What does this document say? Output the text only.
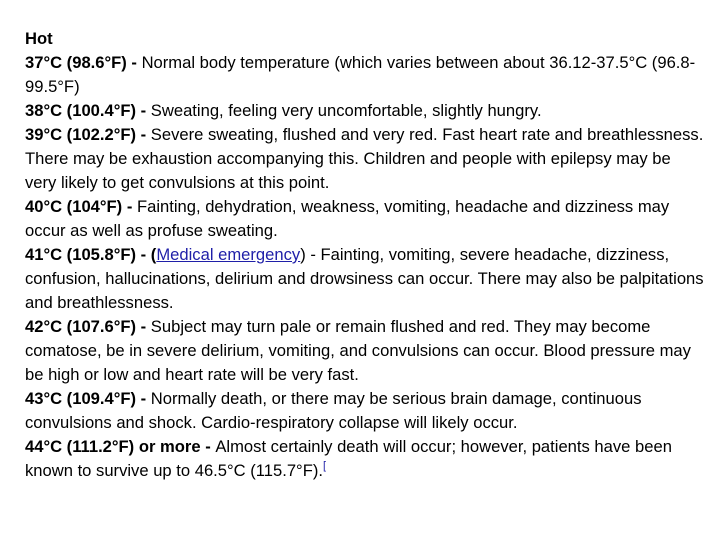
Hot

37°C (98.6°F) - Normal body temperature (which varies between about 36.12-37.5°C (96.8-99.5°F)

38°C (100.4°F) - Sweating, feeling very uncomfortable, slightly hungry.

39°C (102.2°F) - Severe sweating, flushed and very red. Fast heart rate and breathlessness. There may be exhaustion accompanying this. Children and people with epilepsy may be very likely to get convulsions at this point.

40°C (104°F) - Fainting, dehydration, weakness, vomiting, headache and dizziness may occur as well as profuse sweating.

41°C (105.8°F) - (Medical emergency) - Fainting, vomiting, severe headache, dizziness, confusion, hallucinations, delirium and drowsiness can occur. There may also be palpitations and breathlessness.

42°C (107.6°F) - Subject may turn pale or remain flushed and red. They may become comatose, be in severe delirium, vomiting, and convulsions can occur. Blood pressure may be high or low and heart rate will be very fast.

43°C (109.4°F) - Normally death, or there may be serious brain damage, continuous convulsions and shock. Cardio-respiratory collapse will likely occur.

44°C (111.2°F) or more - Almost certainly death will occur; however, patients have been known to survive up to 46.5°C (115.7°F).[
